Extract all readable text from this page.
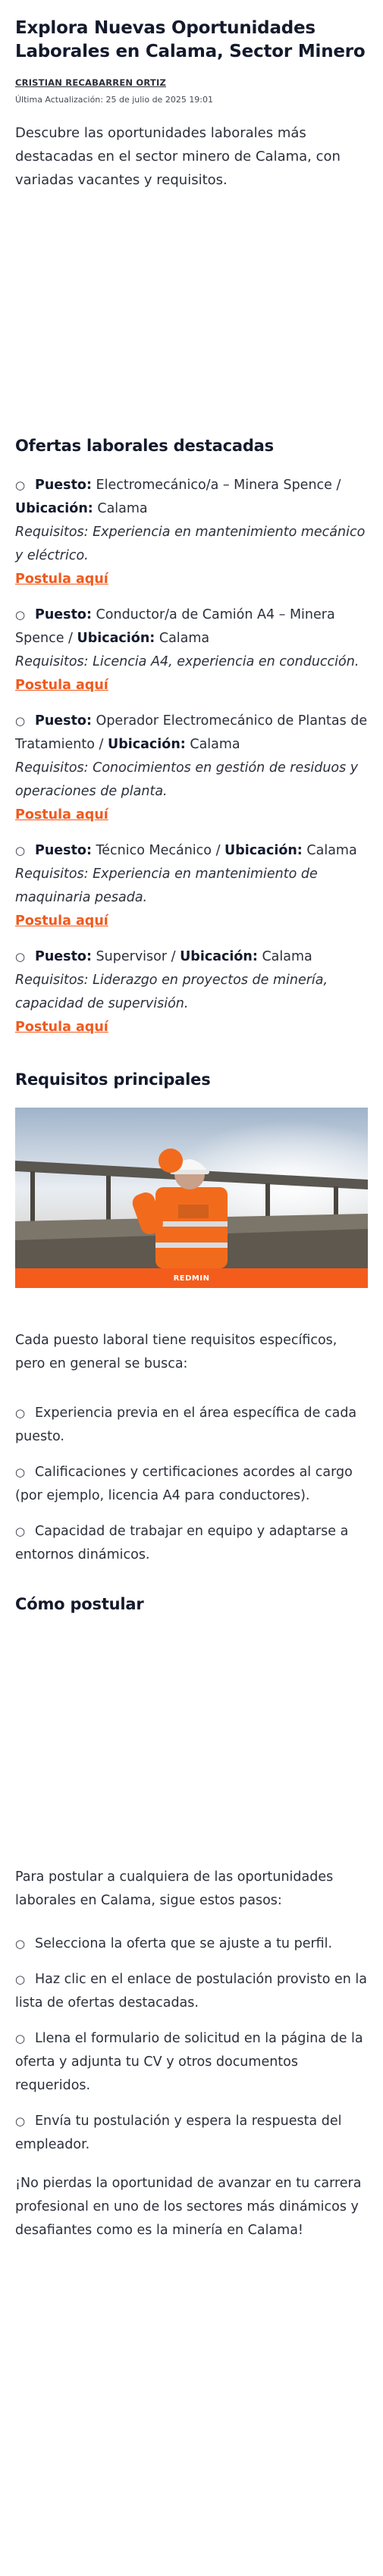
Explora Nuevas Oportunidades Laborales en Calama, Sector Minero
CRISTIAN RECABARREN ORTIZ
Última Actualización: 25 de julio de 2025 19:01

Descubre las oportunidades laborales más destacadas en el sector minero de Calama, con variadas vacantes y requisitos.

Ofertas laborales destacadas
○ Puesto: Electromecánico/a – Minera Spence / Ubicación: Calama
Requisitos: Experiencia en mantenimiento mecánico y eléctrico.
Postula aquí
○ Puesto: Conductor/a de Camión A4 – Minera Spence / Ubicación: Calama
Requisitos: Licencia A4, experiencia en conducción.
Postula aquí
○ Puesto: Operador Electromecánico de Plantas de Tratamiento / Ubicación: Calama
Requisitos: Conocimientos en gestión de residuos y operaciones de planta.
Postula aquí
○ Puesto: Técnico Mecánico / Ubicación: Calama
Requisitos: Experiencia en mantenimiento de maquinaria pesada.
Postula aquí
○ Puesto: Supervisor / Ubicación: Calama
Requisitos: Liderazgo en proyectos de minería, capacidad de supervisión.
Postula aquí
Requisitos principales
REDMIN

Cada puesto laboral tiene requisitos específicos, pero en general se busca:

○ Experiencia previa en el área específica de cada puesto.
○ Calificaciones y certificaciones acordes al cargo (por ejemplo, licencia A4 para conductores).
○ Capacidad de trabajar en equipo y adaptarse a entornos dinámicos.
Cómo postular

Para postular a cualquiera de las oportunidades laborales en Calama, sigue estos pasos:

○ Selecciona la oferta que se ajuste a tu perfil.
○ Haz clic en el enlace de postulación provisto en la lista de ofertas destacadas.
○ Llena el formulario de solicitud en la página de la oferta y adjunta tu CV y otros documentos requeridos.
○ Envía tu postulación y espera la respuesta del empleador.

¡No pierdas la oportunidad de avanzar en tu carrera profesional en uno de los sectores más dinámicos y desafiantes como es la minería en Calama!
